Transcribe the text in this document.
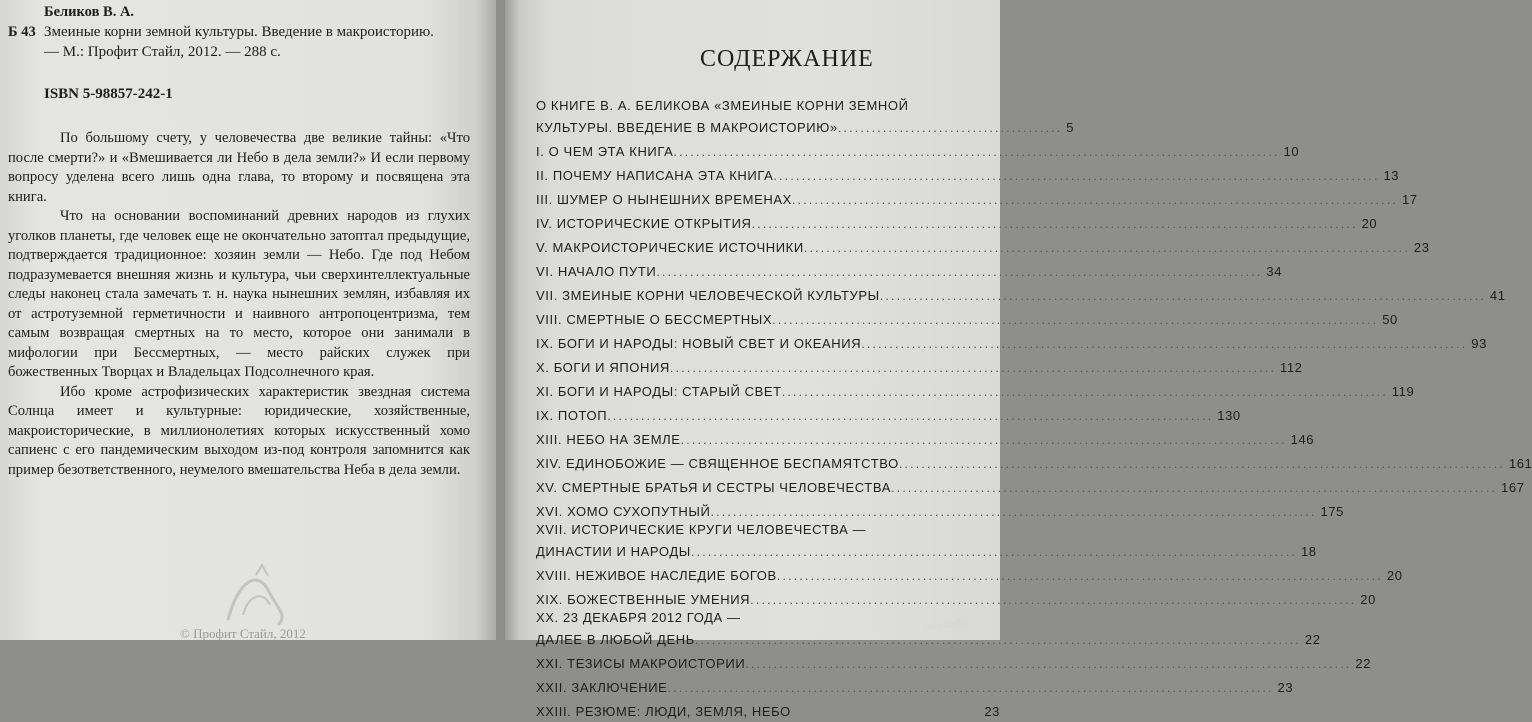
Беликов В. А.
Б 43 Змеиные корни земной культуры. Введение в макроисторию.
— М.: Профит Стайл, 2012. — 288 с.
ISBN 5-98857-242-1

По большому счету, у человечества две великие тайны: «Что после смерти?» и «Вмешивается ли Небо в дела земли?» И если первому вопросу уделена всего лишь одна глава, то второму и посвящена эта книга.

Что на основании воспоминаний древних народов из глухих уголков планеты, где человек еще не окончательно затоптал предыдущие, подтверждается традиционное: хозяин земли — Небо. Где под Небом подразумевается внешняя жизнь и культура, чьи сверхинтеллектуальные следы наконец стала замечать т. н. наука нынешних землян, избавляя их от астротуземной герметичности и наивного антропоцентризма, тем самым возвращая смертных на то место, которое они занимали в мифологии при Бессмертных, — место райских служек при божественных Творцах и Владельцах Подсолнечного края.

Ибо кроме астрофизических характеристик звездная система Солнца имеет и культурные: юридические, хозяйственные, макроисторические, в миллионолетиях которых искусственный хомо сапиенс с его пандемическим выходом из-под контроля запомнится как пример безответственного, неумелого вмешательства Неба в дела земли.

© Профит Стайл, 2012
СОДЕРЖАНИЕ
О КНИГЕ В. А. БЕЛИКОВА «ЗМЕИНЫЕ КОРНИ ЗЕМНОЙ
КУЛЬТУРЫ. ВВЕДЕНИЕ В МАКРОИСТОРИЮ» ........................................ 5
I. О ЧЕМ ЭТА КНИГА ............................................................................................................ 10
II. ПОЧЕМУ НАПИСАНА ЭТА КНИГА ............................................................................................................ 13
III. ШУМЕР О НЫНЕШНИХ ВРЕМЕНАХ ............................................................................................................ 17
IV. ИСТОРИЧЕСКИЕ ОТКРЫТИЯ ............................................................................................................ 20
V. МАКРОИСТОРИЧЕСКИЕ ИСТОЧНИКИ ............................................................................................................ 23
VI. НАЧАЛО ПУТИ ............................................................................................................ 34
VII. ЗМЕИНЫЕ КОРНИ ЧЕЛОВЕЧЕСКОЙ КУЛЬТУРЫ ............................................................................................................ 41
VIII. СМЕРТНЫЕ О БЕССМЕРТНЫХ ............................................................................................................ 50
IX. БОГИ И НАРОДЫ: НОВЫЙ СВЕТ И ОКЕАНИЯ ............................................................................................................ 93
X. БОГИ И ЯПОНИЯ ............................................................................................................ 112
XI. БОГИ И НАРОДЫ: СТАРЫЙ СВЕТ ............................................................................................................ 119
IX. ПОТОП ............................................................................................................ 130
XIII. НЕБО НА ЗЕМЛЕ ............................................................................................................ 146
XIV. ЕДИНОБОЖИЕ — СВЯЩЕННОЕ БЕСПАМЯТСТВО ............................................................................................................ 161
XV. СМЕРТНЫЕ БРАТЬЯ И СЕСТРЫ ЧЕЛОВЕЧЕСТВА ............................................................................................................ 167
XVI. ХОМО СУХОПУТНЫЙ ............................................................................................................ 175
XVII. ИСТОРИЧЕСКИЕ КРУГИ ЧЕЛОВЕЧЕСТВА —
ДИНАСТИИ И НАРОДЫ ............................................................................................................ 18
XVIII. НЕЖИВОЕ НАСЛЕДИЕ БОГОВ ............................................................................................................ 20
XIX. БОЖЕСТВЕННЫЕ УМЕНИЯ ............................................................................................................ 20
XX. 23 ДЕКАБРЯ 2012 ГОДА —
ДАЛЕЕ В ЛЮБОЙ ДЕНЬ ............................................................................................................ 22
XXI. ТЕЗИСЫ МАКРОИСТОРИИ ............................................................................................................ 22
XXII. ЗАКЛЮЧЕНИЕ ............................................................................................................ 23
XXIII. РЕЗЮМЕ: ЛЮДИ, ЗЕМЛЯ, НЕБО	23
www.ay.by
